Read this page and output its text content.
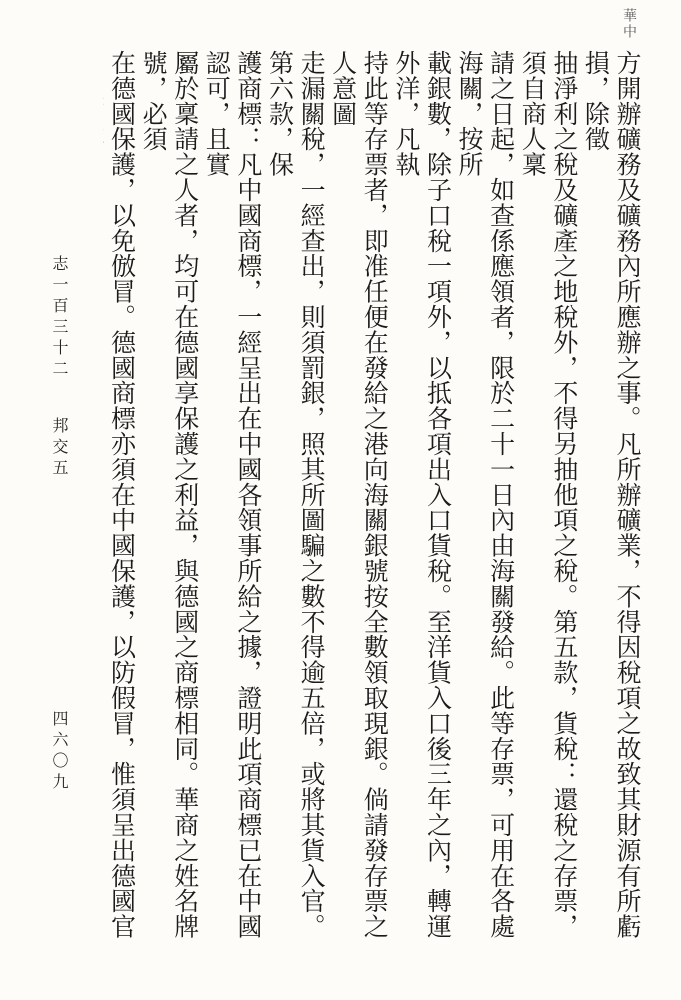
華中

方開辦礦務及礦務內所應辦之事。凡所辦礦業，不得因稅項之故致其財源有所虧損，除徵

抽淨利之稅及礦產之地稅外，不得另抽他項之稅。第五款，貨稅：還稅之存票，須自商人稟

請之日起，如查係應領者，限於二十一日內由海關發給。此等存票，可用在各處海關，按所

載銀數，除子口稅一項外，以抵各項出入口貨稅。至洋貨入口後三年之內，轉運外洋，凡執

持此等存票者，即准任便在發給之港向海關銀號按全數領取現銀。倘請發存票之人意圖

走漏關稅，一經查出，則須罰銀，照其所圖騙之數不得逾五倍，或將其貨入官。第六款，保

護商標：凡中國商標，一經呈出在中國各領事所給之據，證明此項商標已在中國認可，且實

屬於稟請之人者，均可在德國享保護之利益，與德國之商標相同。華商之姓名牌號，必須

在德國保護，以免倣冒。德國商標亦須在中國保護，以防假冒，惟須呈出德國官

志一百三十二 邦交五
四六〇九
